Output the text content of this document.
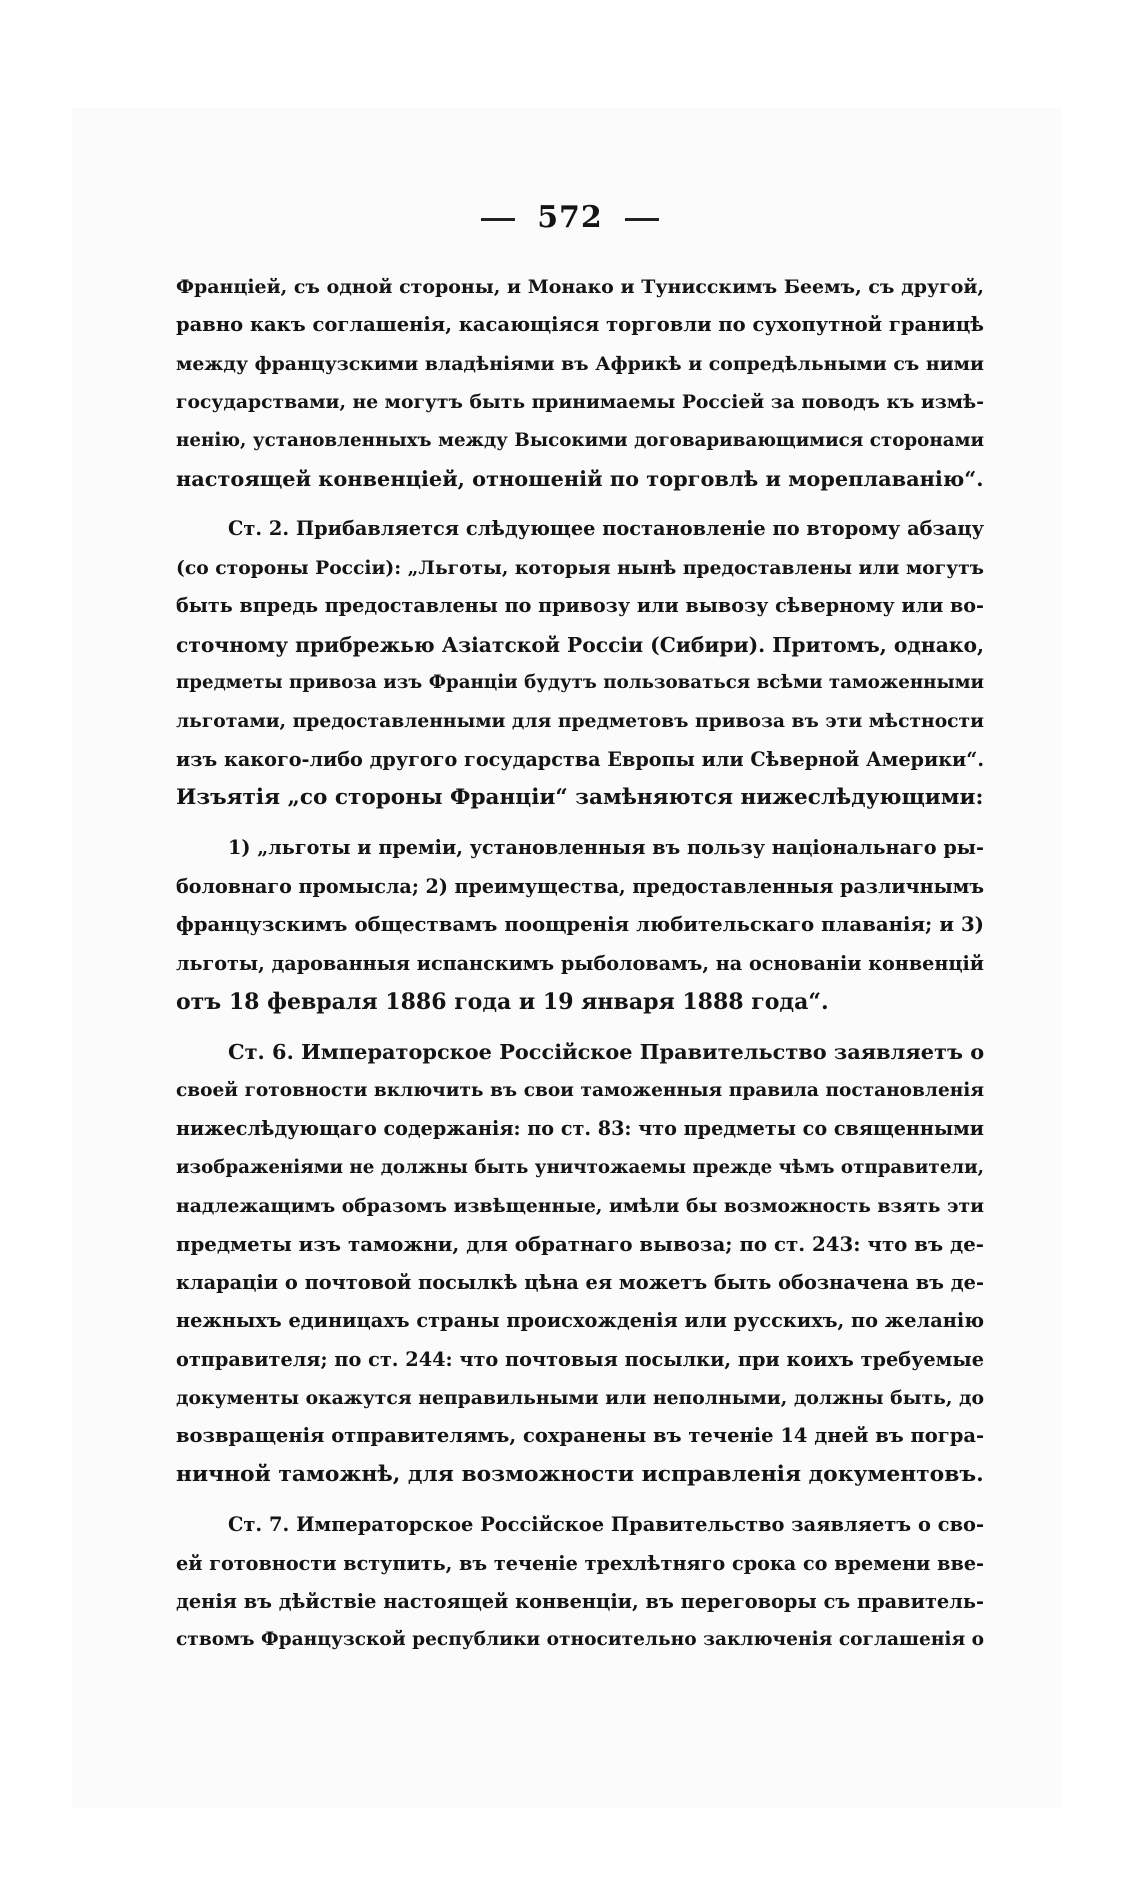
572
Франціей, съ одной стороны, и Монако и Тунисскимъ Беемъ, съ другой,
равно какъ соглашенія, касающіяся торговли по сухопутной границѣ
между французскими владѣніями въ Африкѣ и сопредѣльными съ ними
государствами, не могутъ быть принимаемы Россіей за поводъ къ измѣ-
ненію, установленныхъ между Высокими договаривающимися сторонами
настоящей конвенціей, отношеній по торговлѣ и мореплаванію“.
Ст. 2. Прибавляется слѣдующее постановленіе по второму абзацу
(со стороны Россіи): „Льготы, которыя нынѣ предоставлены или могутъ
быть впредь предоставлены по привозу или вывозу сѣверному или во-
сточному прибрежью Азіатской Россіи (Сибири). Притомъ, однако,
предметы привоза изъ Франціи будутъ пользоваться всѣми таможенными
льготами, предоставленными для предметовъ привоза въ эти мѣстности
изъ какого-либо другого государства Европы или Сѣверной Америки“.
Изъятія „со стороны Франціи“ замѣняются нижеслѣдующими:
1) „льготы и преміи, установленныя въ пользу національнаго ры-
боловнаго промысла; 2) преимущества, предоставленныя различнымъ
французскимъ обществамъ поощренія любительскаго плаванія; и 3)
льготы, дарованныя испанскимъ рыболовамъ, на основаніи конвенцій
отъ 18 февраля 1886 года и 19 января 1888 года“.
Ст. 6. Императорское Россійское Правительство заявляетъ о
своей готовности включить въ свои таможенныя правила постановленія
нижеслѣдующаго содержанія: по ст. 83: что предметы со священными
изображеніями не должны быть уничтожаемы прежде чѣмъ отправители,
надлежащимъ образомъ извѣщенные, имѣли бы возможность взять эти
предметы изъ таможни, для обратнаго вывоза; по ст. 243: что въ де-
клараціи о почтовой посылкѣ цѣна ея можетъ быть обозначена въ де-
нежныхъ единицахъ страны происхожденія или русскихъ, по желанію
отправителя; по ст. 244: что почтовыя посылки, при коихъ требуемые
документы окажутся неправильными или неполными, должны быть, до
возвращенія отправителямъ, сохранены въ теченіе 14 дней въ погра-
ничной таможнѣ, для возможности исправленія документовъ.
Ст. 7. Императорское Россійское Правительство заявляетъ о сво-
ей готовности вступить, въ теченіе трехлѣтняго срока со времени вве-
денія въ дѣйствіе настоящей конвенціи, въ переговоры съ правитель-
ствомъ Французской республики относительно заключенія соглашенія о
